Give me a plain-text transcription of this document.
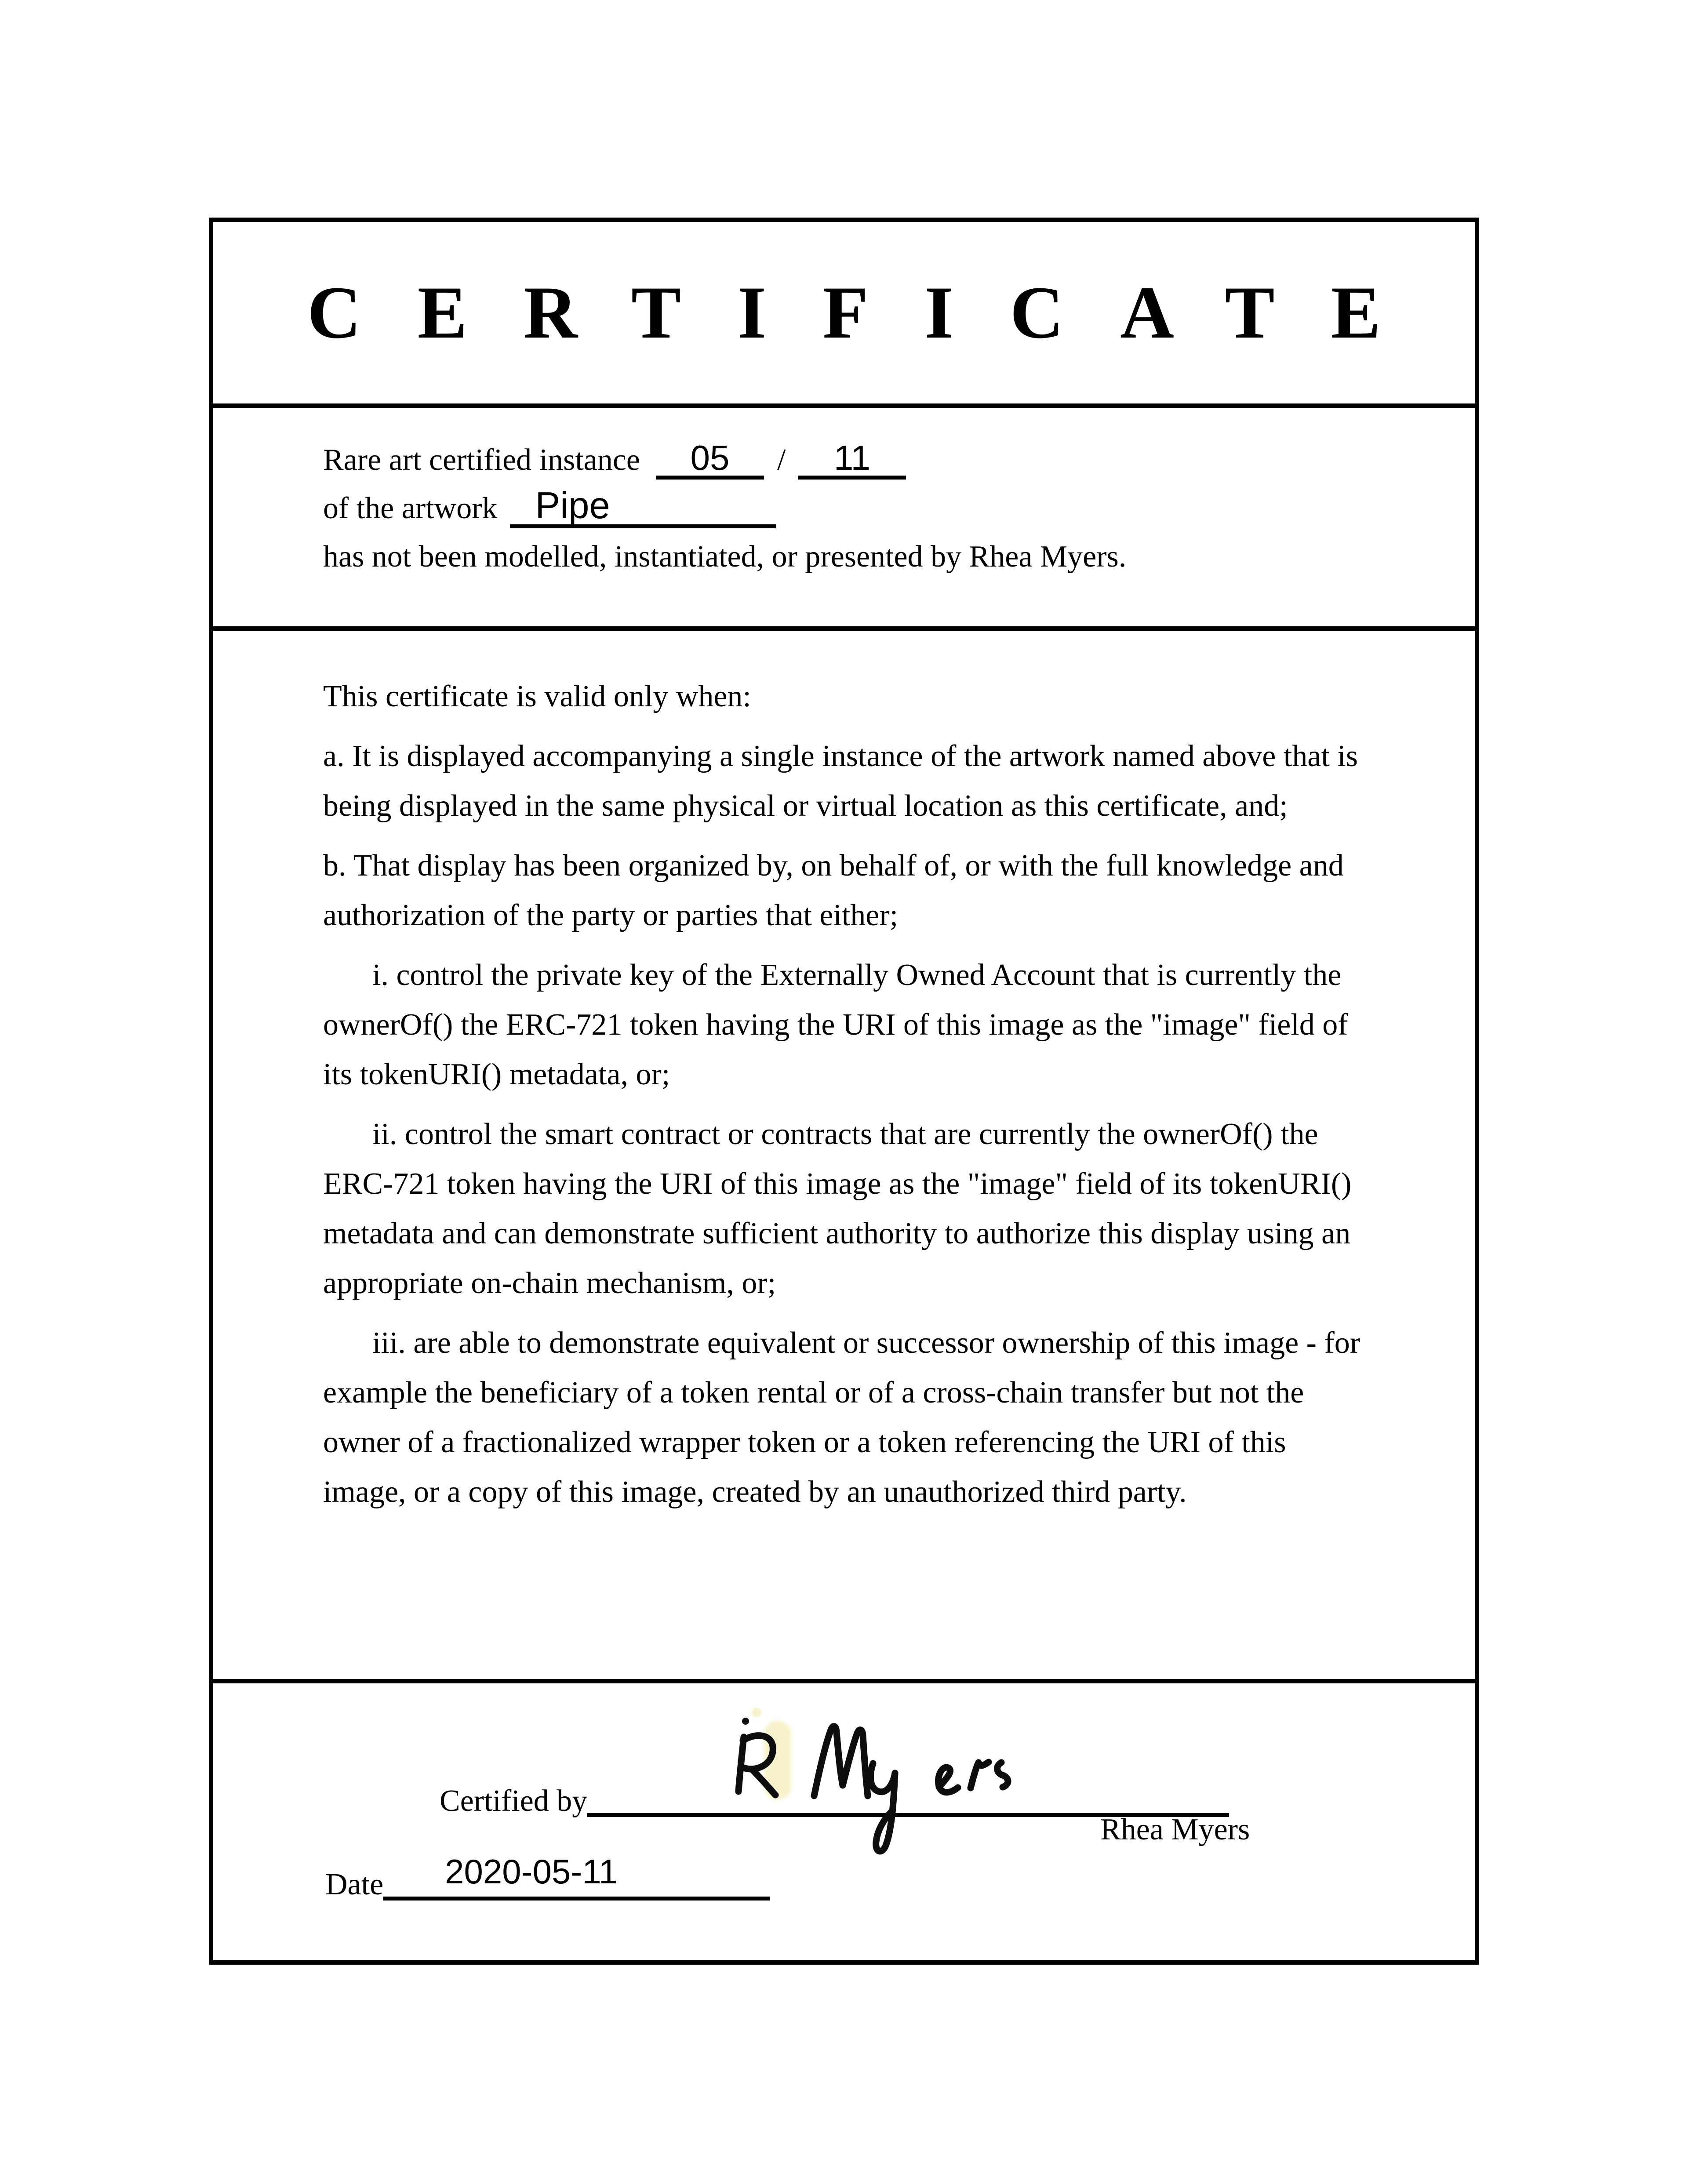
CERTIFICATE
Rare art certified instance 05 / 11
of the artwork Pipe
has not been modelled, instantiated, or presented by Rhea Myers.

This certificate is valid only when:

a. It is displayed accompanying a single instance of the artwork named above that is being displayed in the same physical or virtual location as this certificate, and;

b. That display has been organized by, on behalf of, or with the full knowledge and authorization of the party or parties that either;

i. control the private key of the Externally Owned Account that is currently the ownerOf() the ERC-721 token having the URI of this image as the "image" field of its tokenURI() metadata, or;

ii. control the smart contract or contracts that are currently the ownerOf() the ERC-721 token having the URI of this image as the "image" field of its tokenURI() metadata and can demonstrate sufficient authority to authorize this display using an appropriate on-chain mechanism, or;

iii. are able to demonstrate equivalent or successor ownership of this image - for example the beneficiary of a token rental or of a cross-chain transfer but not the owner of a fractionalized wrapper token or a token referencing the URI of this image, or a copy of this image, created by an unauthorized third party.

Certified by
Rhea Myers
Date 2020-05-11
